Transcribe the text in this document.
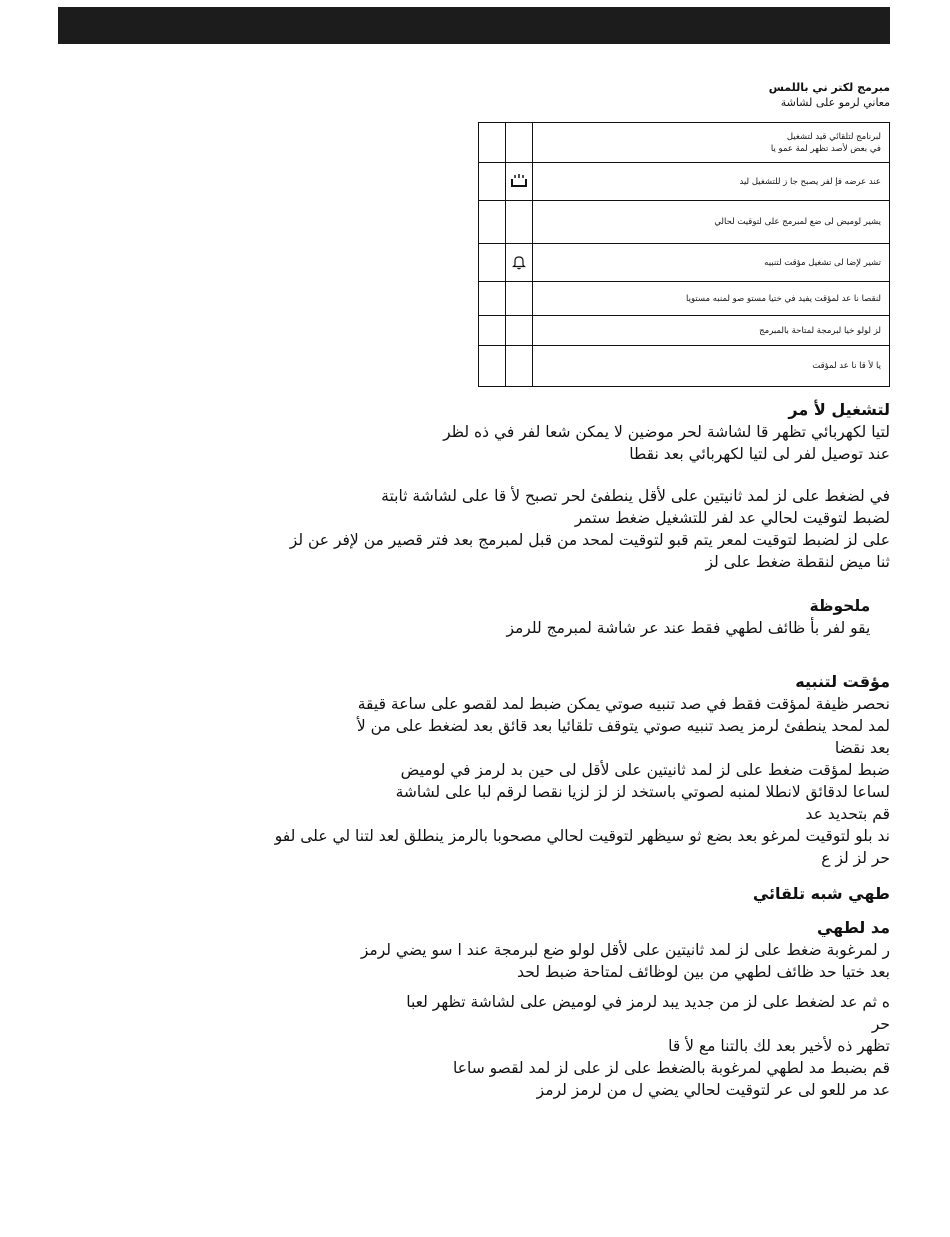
مبرمج لكتر ني باللمس

معاني لرمو على لشاشة

لبرنامج لتلقائي قيد لتشغيل
في بعض لأصد تظهر لمة عمو يا		

عند عرضه فإ لفر يصبح جا ز للتشغيل ليد

يشير لوميض لى ضع لمبرمج على لتوقيت لحالي		

تشير لإضا لى تشغيل مؤقت لتنبيه

لنقصا نا عد لمؤقت يفيد في ختيا مستو صو لمنبه مستويا		

لز لولو خيا لبرمجة لمتاحة بالمبرمج		

يا لأ قا نا عد لمؤقت		

لتشغيل لأ مر

لتيا لكهربائي تظهر قا لشاشة لحر موضين لا يمكن شعا لفر في ذه لظر

عند توصيل لفر لى لتيا لكهربائي بعد نقطا

في لضغط على لز لمد ثانيتين على لأقل ينطفئ لحر تصبح لأ قا على لشاشة ثابتة

لضبط لتوقيت لحالي عد لفر للتشغيل ضغط ستمر

على لز لضبط لتوقيت لمعر يتم قبو لتوقيت لمحد من قبل لمبرمج بعد فتر قصير من لإفر عن لز

ثنا ميض لنقطة ضغط على لز

ملحوظة
يقو لفر بأ ظائف لطهي فقط عند عر شاشة لمبرمج للرمز

مؤقت لتنبيه

نحصر ظيفة لمؤقت فقط في صد تنبيه صوتي يمكن ضبط لمد لقصو على ساعة قيقة

لمد لمحد ينطفئ لرمز يصد تنبيه صوتي يتوقف تلقائيا بعد قائق بعد لضغط على من لأ

بعد نقضا

ضبط لمؤقت ضغط على لز لمد ثانيتين على لأقل لى حين بد لرمز في لوميض

لساعا لدقائق لانطلا لمنبه لصوتي باستخد لز لز لزيا نقصا لرقم لبا على لشاشة

قم بتحديد عد

ند بلو لتوقيت لمرغو بعد بضع ثو سيظهر لتوقيت لحالي مصحوبا بالرمز ينطلق لعد لتنا لي على لفو

حر لز لز ع

طهي شبه تلقائي

مد لطهي

ر لمرغوبة ضغط على لز لمد ثانيتين على لأقل لولو ضع لبرمجة عند ا سو يضي لرمز

بعد ختيا حد ظائف لطهي من بين لوظائف لمتاحة ضبط لحد

ه ثم عد لضغط على لز من جديد يبد لرمز في لوميض على لشاشة تظهر لعبا

حر

تظهر ذه لأخير بعد لك بالتنا مع لأ قا

قم بضبط مد لطهي لمرغوبة بالضغط على لز على لز لمد لقصو ساعا

عد مر للعو لى عر لتوقيت لحالي يضي ل من لرمز لرمز
